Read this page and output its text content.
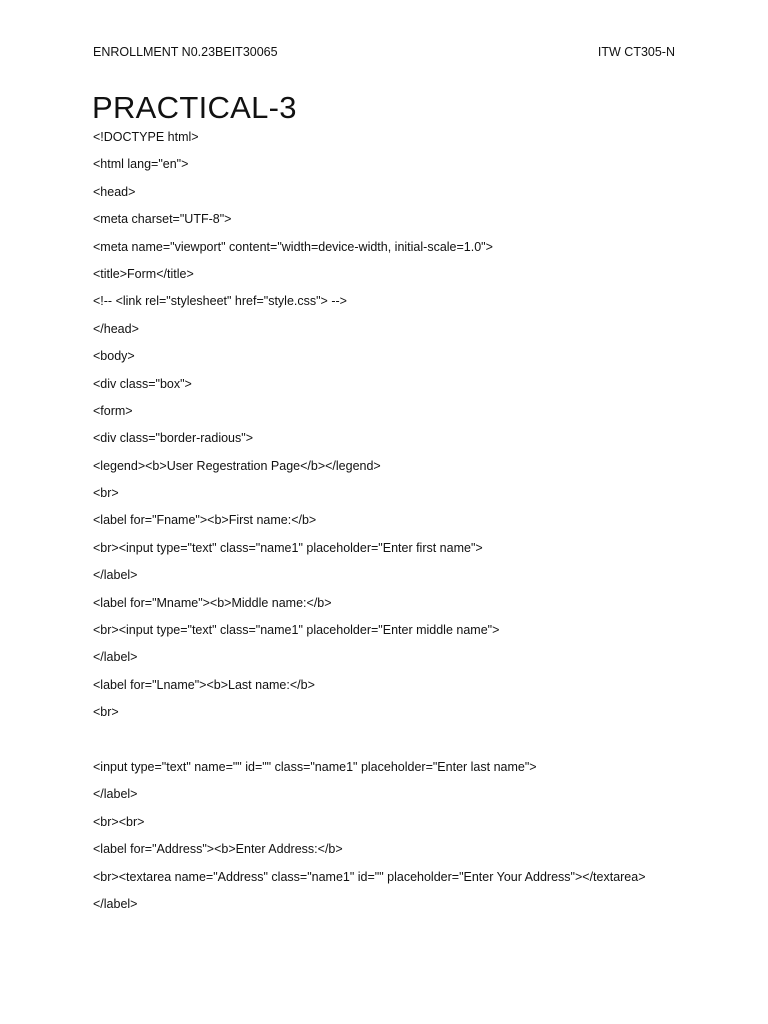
ENROLLMENT N0.23BEIT30065	ITW CT305-N
PRACTICAL-3
<!DOCTYPE html>
<html lang="en">
<head>
<meta charset="UTF-8">
<meta name="viewport" content="width=device-width, initial-scale=1.0">
<title>Form</title>
<!-- <link rel="stylesheet" href="style.css"> -->
</head>
<body>
<div class="box">
<form>
<div class="border-radious">
<legend><b>User Regestration Page</b></legend>
<br>
<label for="Fname"><b>First name:</b>
<br><input type="text" class="name1" placeholder="Enter first name">
</label>
<label for="Mname"><b>Middle name:</b>
<br><input type="text" class="name1" placeholder="Enter middle name">
</label>
<label for="Lname"><b>Last name:</b>
<br>
<input type="text" name="" id="" class="name1" placeholder="Enter last name">
</label>
<br><br>
<label for="Address"><b>Enter Address:</b>
<br><textarea name="Address" class="name1" id="" placeholder="Enter Your Address"></textarea>
</label>
